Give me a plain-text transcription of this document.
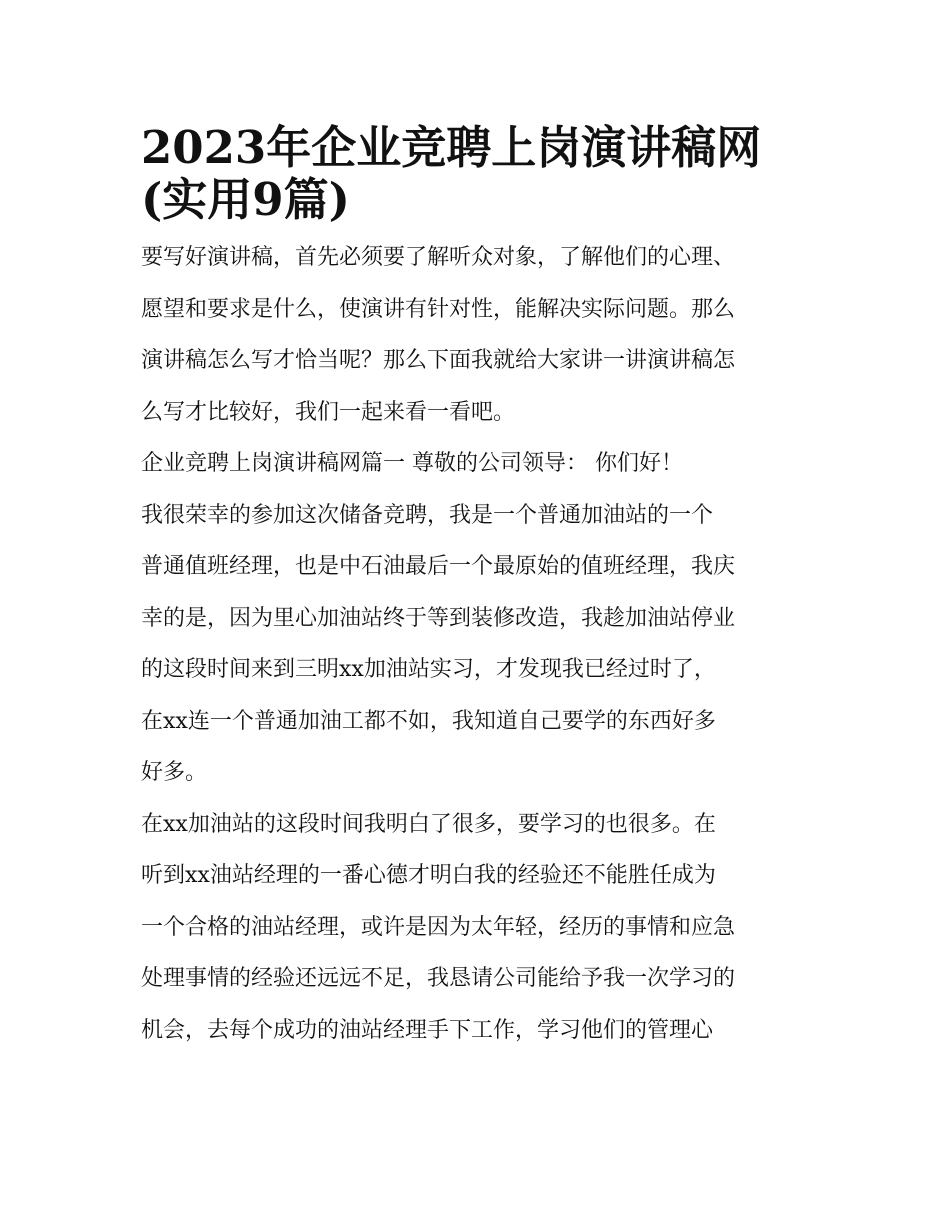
2023年企业竞聘上岗演讲稿网
(实用9篇)
要写好演讲稿，首先必须要了解听众对象，了解他们的心理、
愿望和要求是什么，使演讲有针对性，能解决实际问题。那么
演讲稿怎么写才恰当呢？那么下面我就给大家讲一讲演讲稿怎
么写才比较好，我们一起来看一看吧。
企业竞聘上岗演讲稿网篇一 尊敬的公司领导： 你们好！
我很荣幸的参加这次储备竞聘，我是一个普通加油站的一个
普通值班经理，也是中石油最后一个最原始的值班经理，我庆
幸的是，因为里心加油站终于等到装修改造，我趁加油站停业
的这段时间来到三明xx加油站实习，才发现我已经过时了，
在xx连一个普通加油工都不如，我知道自己要学的东西好多
好多。
在xx加油站的这段时间我明白了很多，要学习的也很多。在
听到xx油站经理的一番心德才明白我的经验还不能胜任成为
一个合格的油站经理，或许是因为太年轻，经历的事情和应急
处理事情的经验还远远不足，我恳请公司能给予我一次学习的
机会，去每个成功的油站经理手下工作，学习他们的管理心
